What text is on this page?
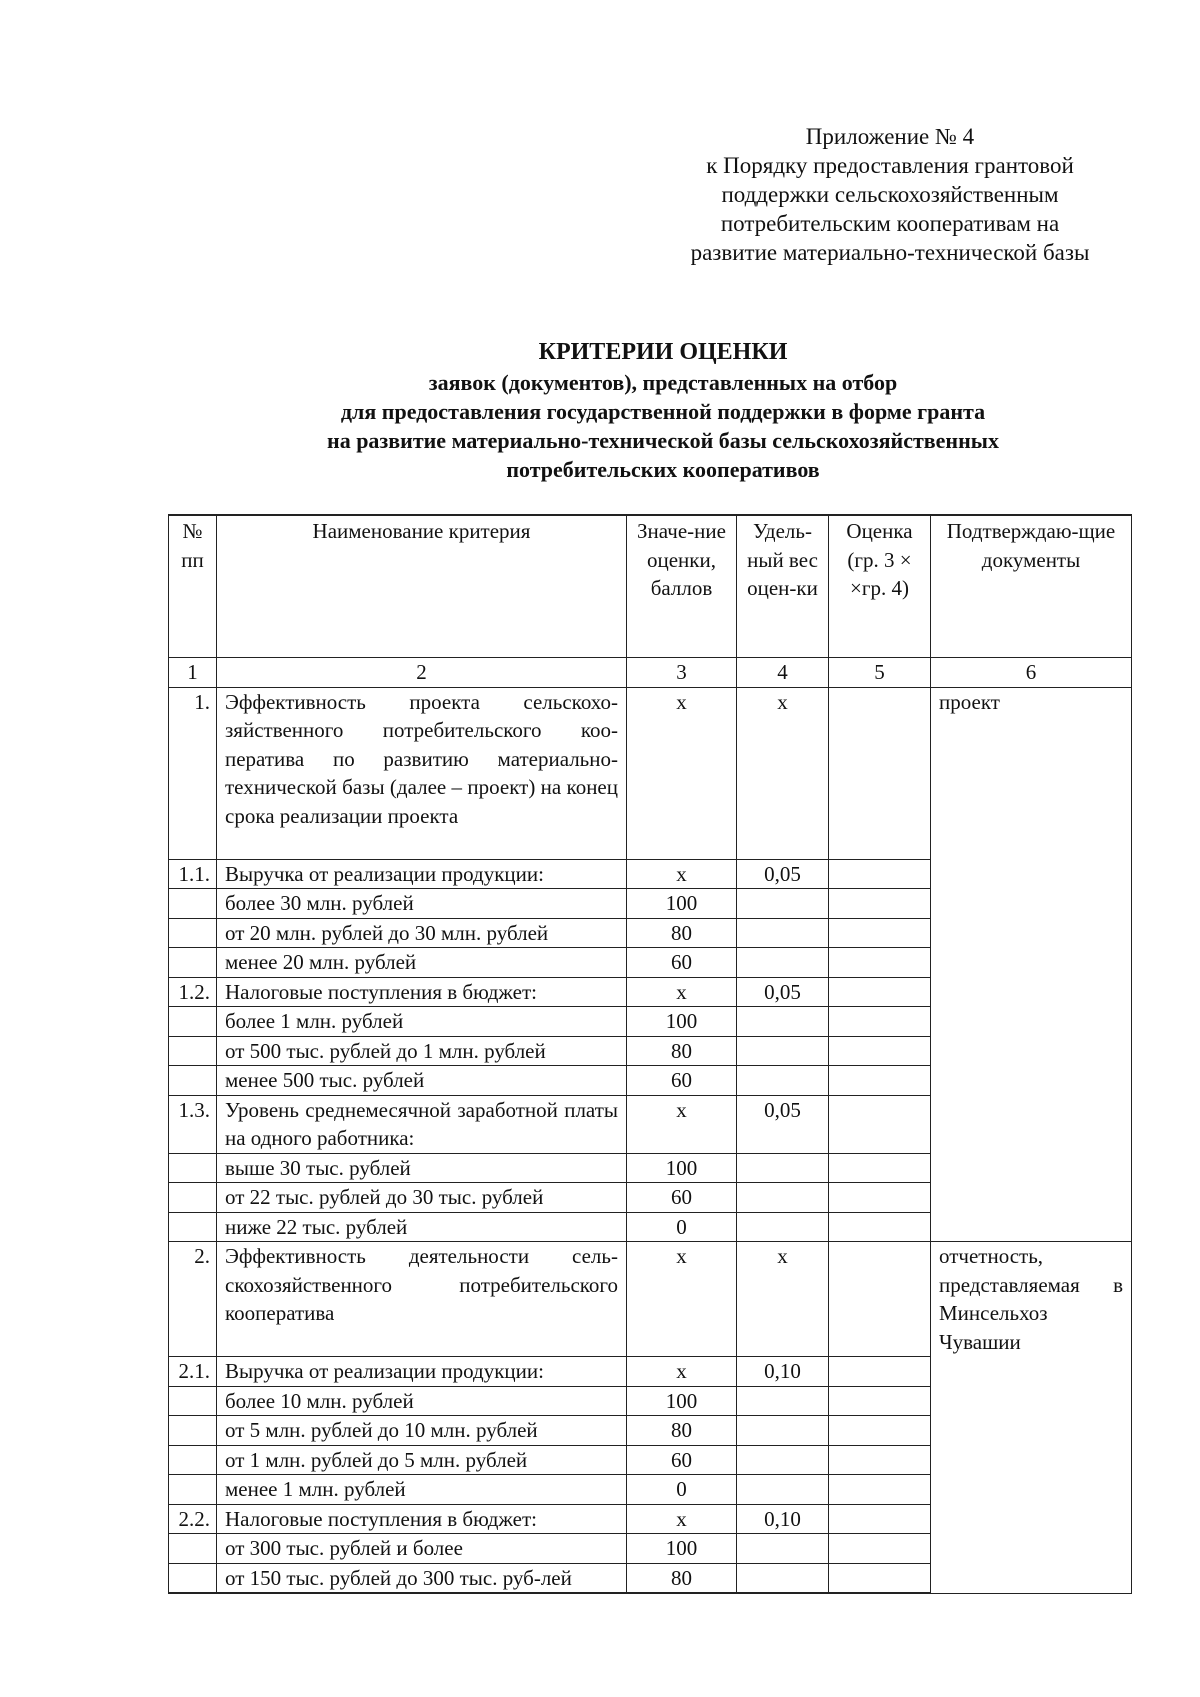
Приложение № 4
к Порядку предоставления грантовой
поддержки сельскохозяйственным
потребительским кооперативам на
развитие материально-технической базы
КРИТЕРИИ ОЦЕНКИ
заявок (документов), представленных на отбор
для предоставления государственной поддержки в форме гранта
на развитие материально-технической базы сельскохозяйственных
потребительских кооперативов
№ пп	Наименование критерия	Значе-ние оценки, баллов	Удель-ный вес оцен-ки	Оценка (гр. 3 × ×гр. 4)	Подтверждаю-щие документы
1	2	3	4	5	6
1.	Эффективность проекта сельскохо-зяйственного потребительского коо-ператива по развитию материально-технической базы (далее – проект) на конец срока реализации проекта	х	х		проект
1.1.	Выручка от реализации продукции:	х	0,05		
	более 30 млн. рублей	100			
	от 20 млн. рублей до 30 млн. рублей	80			
	менее 20 млн. рублей	60			
1.2.	Налоговые поступления в бюджет:	х	0,05		
	более 1 млн. рублей	100			
	от 500 тыс. рублей до 1 млн. рублей	80			
	менее 500 тыс. рублей	60			
1.3.	Уровень среднемесячной заработной платы на одного работника:	х	0,05		
	выше 30 тыс. рублей	100			
	от 22 тыс. рублей до 30 тыс. рублей	60			
	ниже 22 тыс. рублей	0			
2.	Эффективность деятельности сель-скохозяйственного потребительского кооператива	х	х		отчетность, представляемая в Минсельхоз Чувашии
2.1.	Выручка от реализации продукции:	х	0,10		
	более 10 млн. рублей	100			
	от 5 млн. рублей до 10 млн. рублей	80			
	от 1 млн. рублей до 5 млн. рублей	60			
	менее 1 млн. рублей	0			
2.2.	Налоговые поступления в бюджет:	х	0,10		
	от 300 тыс. рублей и более	100			
	от 150 тыс. рублей до 300 тыс. руб-лей	80			
